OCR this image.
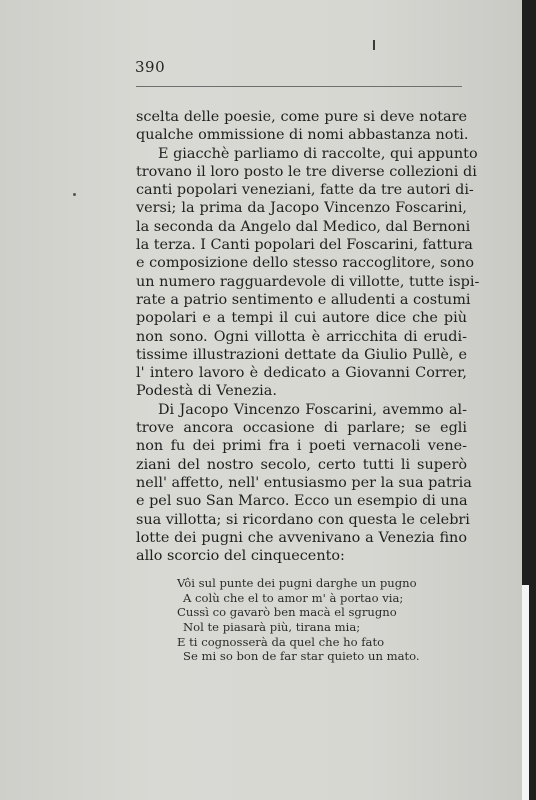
390
scelta delle poesie, come pure si deve notare
qualche ommissione di nomi abbastanza noti.
E giacchè parliamo di raccolte, qui appunto
trovano il loro posto le tre diverse collezioni di
canti popolari veneziani, fatte da tre autori di-
versi; la prima da Jacopo Vincenzo Foscarini,
la seconda da Angelo dal Medico, dal Bernoni
la terza. I Canti popolari del Foscarini, fattura
e composizione dello stesso raccoglitore, sono
un numero ragguardevole di villotte, tutte ispi-
rate a patrio sentimento e alludenti a costumi
popolari e a tempi il cui autore dice che più
non sono. Ogni villotta è arricchita di erudi-
tissime illustrazioni dettate da Giulio Pullè, e
l' intero lavoro è dedicato a Giovanni Correr,
Podestà di Venezia.
Di Jacopo Vincenzo Foscarini, avemmo al-
trove ancora occasione di parlare; se egli
non fu dei primi fra i poeti vernacoli vene-
ziani del nostro secolo, certo tutti li superò
nell' affetto, nell' entusiasmo per la sua patria
e pel suo San Marco. Ecco un esempio di una
sua villotta; si ricordano con questa le celebri
lotte dei pugni che avvenivano a Venezia fino
allo scorcio del cinquecento:
Vôi sul punte dei pugni darghe un pugno
A colù che el to amor m' à portao via;
Cussì co gavarò ben macà el sgrugno
Nol te piasarà più, tirana mia;
E ti cognosserà da quel che ho fato
Se mi so bon de far star quieto un mato.
